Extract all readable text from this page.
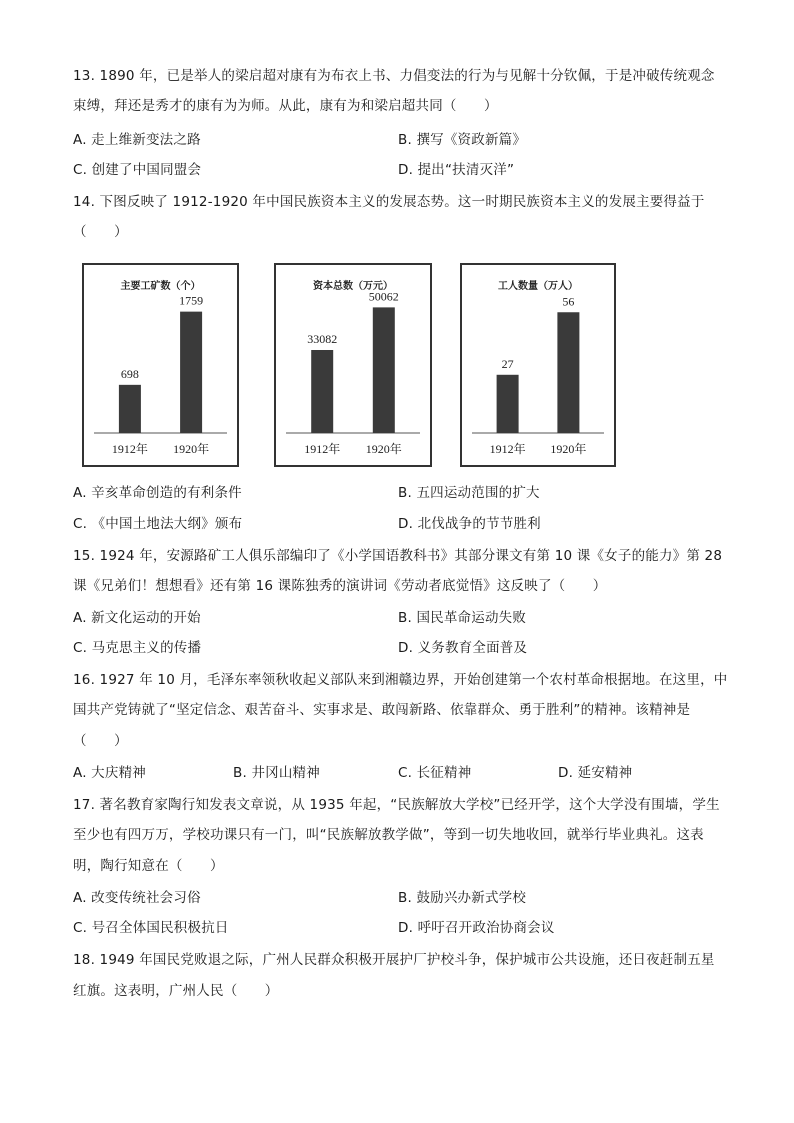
13. 1890 年，已是举人的梁启超对康有为布衣上书、力倡变法的行为与见解十分钦佩，于是冲破传统观念
束缚，拜还是秀才的康有为为师。从此，康有为和梁启超共同（　　）
A. 走上维新变法之路	B. 撰写《资政新篇》
C. 创建了中国同盟会	D. 提出“扶清灭洋”
14. 下图反映了 1912-1920 年中国民族资本主义的发展态势。这一时期民族资本主义的发展主要得益于
（　　）
主要工矿数（个）
698
1912年
1759
1920年
资本总数（万元）
33082
1912年
50062
1920年
工人数量（万人）
27
1912年
56
1920年
A. 辛亥革命创造的有利条件	B. 五四运动范围的扩大
C. 《中国土地法大纲》颁布	D. 北伐战争的节节胜利
15. 1924 年，安源路矿工人俱乐部编印了《小学国语教科书》其部分课文有第 10 课《女子的能力》第 28
课《兄弟们！想想看》还有第 16 课陈独秀的演讲词《劳动者底觉悟》这反映了（　　）
A. 新文化运动的开始	B. 国民革命运动失败
C. 马克思主义的传播	D. 义务教育全面普及
16. 1927 年 10 月，毛泽东率领秋收起义部队来到湘赣边界，开始创建第一个农村革命根据地。在这里，中
国共产党铸就了“坚定信念、艰苦奋斗、实事求是、敢闯新路、依靠群众、勇于胜利”的精神。该精神是
（　　）
A. 大庆精神	B. 井冈山精神	C. 长征精神	D. 延安精神
17. 著名教育家陶行知发表文章说，从 1935 年起，“民族解放大学校”已经开学，这个大学没有围墙，学生
至少也有四万万，学校功课只有一门，叫“民族解放教学做”，等到一切失地收回，就举行毕业典礼。这表
明，陶行知意在（　　）
A. 改变传统社会习俗	B. 鼓励兴办新式学校
C. 号召全体国民积极抗日	D. 呼吁召开政治协商会议
18. 1949 年国民党败退之际，广州人民群众积极开展护厂护校斗争，保护城市公共设施，还日夜赶制五星
红旗。这表明，广州人民（　　）
